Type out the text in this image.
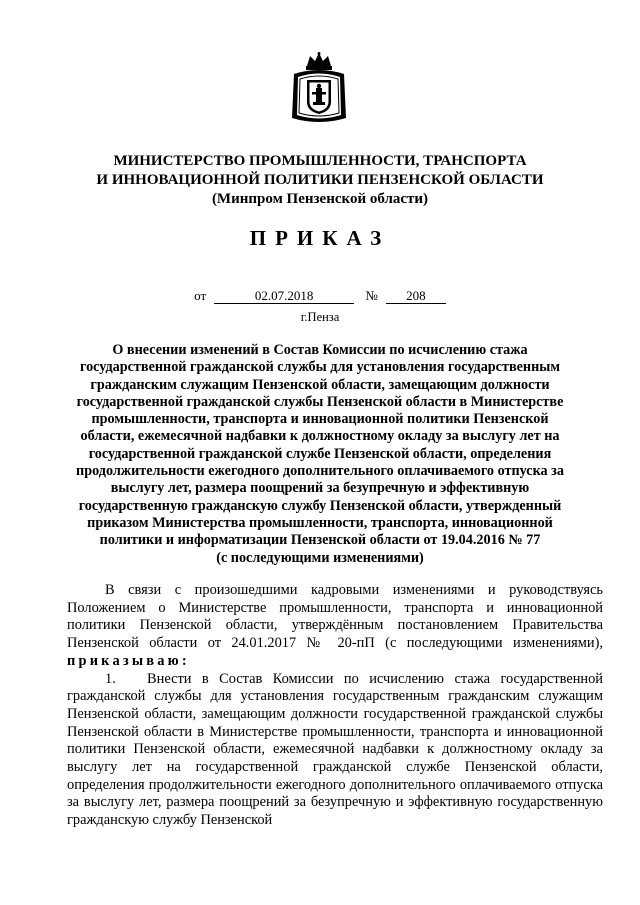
МИНИСТЕРСТВО ПРОМЫШЛЕННОСТИ, ТРАНСПОРТА
И ИННОВАЦИОННОЙ ПОЛИТИКИ ПЕНЗЕНСКОЙ ОБЛАСТИ
(Минпром Пензенской области)
ПРИКАЗ
от	02.07.2018	№ 208
г.Пенза
О внесении изменений в Состав Комиссии по исчислению стажа
государственной гражданской службы для установления государственным
гражданским служащим Пензенской области, замещающим должности
государственной гражданской службы Пензенской области в Министерстве
промышленности, транспорта и инновационной политики Пензенской
области, ежемесячной надбавки к должностному окладу за выслугу лет на
государственной гражданской службе Пензенской области, определения
продолжительности ежегодного дополнительного оплачиваемого отпуска за
выслугу лет, размера поощрений за безупречную и эффективную
государственную гражданскую службу Пензенской области, утвержденный
приказом Министерства промышленности, транспорта, инновационной
политики и информатизации Пензенской области от 19.04.2016 № 77
(с последующими изменениями)

В связи с произошедшими кадровыми изменениями и руководствуясь Положением о Министерстве промышленности, транспорта и инновационной политики Пензенской области, утверждённым постановлением Правительства Пензенской области от 24.01.2017 № 20-пП (с последующими изменениями), приказываю:

1. Внести в Состав Комиссии по исчислению стажа государственной гражданской службы для установления государственным гражданским служащим Пензенской области, замещающим должности государственной гражданской службы Пензенской области в Министерстве промышленности, транспорта и инновационной политики Пензенской области, ежемесячной надбавки к должностному окладу за выслугу лет на государственной гражданской службе Пензенской области, определения продолжительности ежегодного дополнительного оплачиваемого отпуска за выслугу лет, размера поощрений за безупречную и эффективную государственную гражданскую службу Пензенской
